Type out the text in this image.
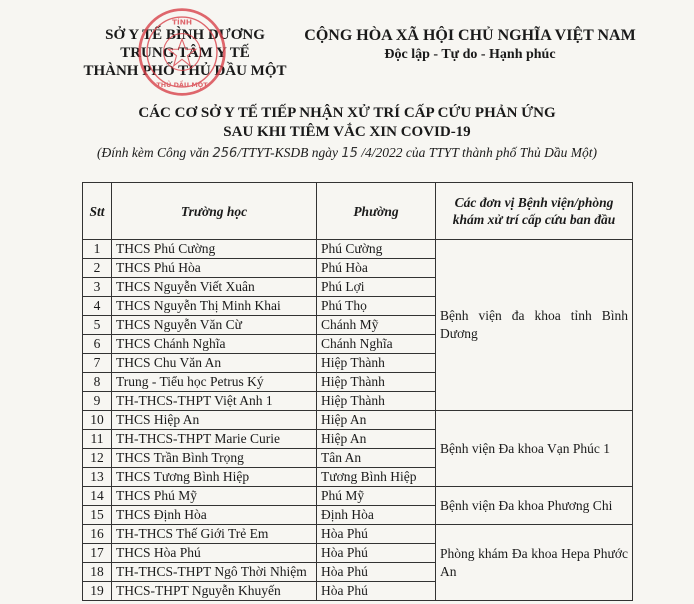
SỞ Y TẾ BÌNH DƯƠNG
TRUNG TÂM Y TẾ
THÀNH PHỐ THỦ DẦU MỘT
TỈNH
THỦ DẦU MỘT
CỘNG HÒA XÃ HỘI CHỦ NGHĨA VIỆT NAM
Độc lập - Tự do - Hạnh phúc
CÁC CƠ SỞ Y TẾ TIẾP NHẬN XỬ TRÍ CẤP CỨU PHẢN ỨNG
SAU KHI TIÊM VẮC XIN COVID-19
(Đính kèm Công văn 256/TTYT-KSDB ngày 15 /4/2022 của TTYT thành phố Thủ Dầu Một)
Stt	Trường học	Phường	Các đơn vị Bệnh viện/phòng khám xử trí cấp cứu ban đầu
1	THCS Phú Cường	Phú Cường	Bệnh viện đa khoa tỉnh Bình Dương

2	THCS Phú Hòa	Phú Hòa	
3	THCS Nguyễn Viết Xuân	Phú Lợi	
4	THCS Nguyễn Thị Minh Khai	Phú Thọ	
5	THCS Nguyễn Văn Cừ	Chánh Mỹ	
6	THCS Chánh Nghĩa	Chánh Nghĩa	
7	THCS Chu Văn An	Hiệp Thành	
8	Trung - Tiểu học Petrus Ký	Hiệp Thành	
9	TH-THCS-THPT Việt Anh 1	Hiệp Thành	
10	THCS Hiệp An	Hiệp An	Bệnh viện Đa khoa Vạn Phúc 1

11	TH-THCS-THPT Marie Curie	Hiệp An	
12	THCS Trần Bình Trọng	Tân An	
13	THCS Tương Bình Hiệp	Tương Bình Hiệp	
14	THCS Phú Mỹ	Phú Mỹ	Bệnh viện Đa khoa Phương Chi

15	THCS Định Hòa	Định Hòa	
16	TH-THCS Thế Giới Trẻ Em	Hòa Phú	Phòng khám Đa khoa Hepa Phước An

17	THCS Hòa Phú	Hòa Phú	
18	TH-THCS-THPT Ngô Thời Nhiệm	Hòa Phú	
19	THCS-THPT Nguyễn Khuyến	Hòa Phú	
